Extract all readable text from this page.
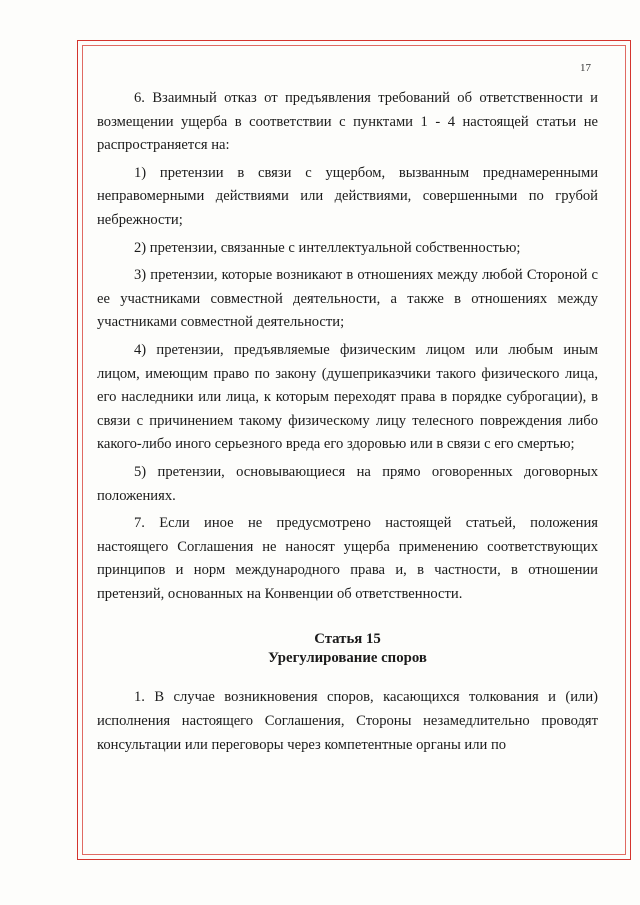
17

6. Взаимный отказ от предъявления требований об ответственности и возмещении ущерба в соответствии с пунктами 1 - 4 настоящей статьи не распространяется на:

1) претензии в связи с ущербом, вызванным преднамеренными неправомерными действиями или действиями, совершенными по грубой небрежности;

2) претензии, связанные с интеллектуальной собственностью;

3) претензии, которые возникают в отношениях между любой Стороной с ее участниками совместной деятельности, а также в отношениях между участниками совместной деятельности;

4) претензии, предъявляемые физическим лицом или любым иным лицом, имеющим право по закону (душеприказчики такого физического лица, его наследники или лица, к которым переходят права в порядке суброгации), в связи с причинением такому физическому лицу телесного повреждения либо какого-либо иного серьезного вреда его здоровью или в связи с его смертью;

5) претензии, основывающиеся на прямо оговоренных договорных положениях.

7. Если иное не предусмотрено настоящей статьей, положения настоящего Соглашения не наносят ущерба применению соответствующих принципов и норм международного права и, в частности, в отношении претензий, основанных на Конвенции об ответственности.

Статья 15
Урегулирование споров

1. В случае возникновения споров, касающихся толкования и (или) исполнения настоящего Соглашения, Стороны незамедлительно проводят консультации или переговоры через компетентные органы или по
